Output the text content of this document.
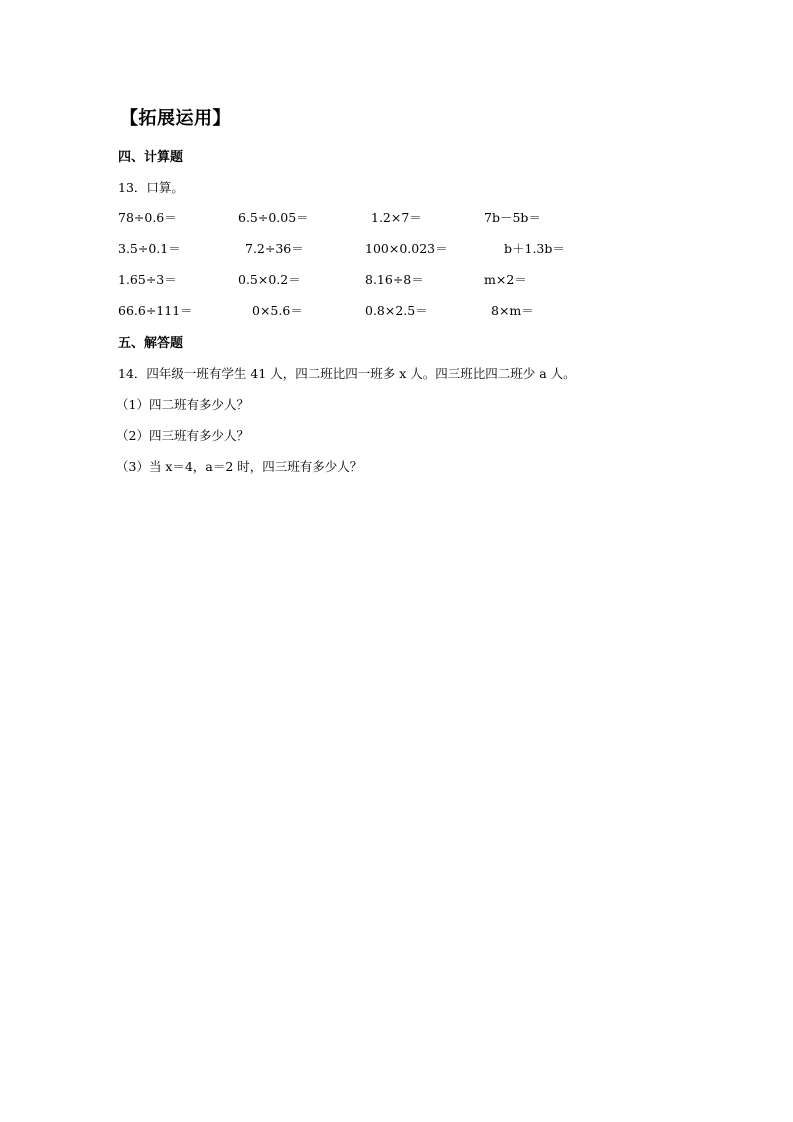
【拓展运用】
四、计算题
13．口算。
78÷0.6＝	6.5÷0.05＝	1.2×7＝	7b－5b＝
3.5÷0.1＝	7.2÷36＝	100×0.023＝	b＋1.3b＝
1.65÷3＝	0.5×0.2＝	8.16÷8＝	m×2＝
66.6÷111＝	0×5.6＝	0.8×2.5＝	8×m＝
五、解答题
14．四年级一班有学生 41 人，四二班比四一班多 x 人。四三班比四二班少 a 人。
（1）四二班有多少人？
（2）四三班有多少人？
（3）当 x＝4，a＝2 时，四三班有多少人？
